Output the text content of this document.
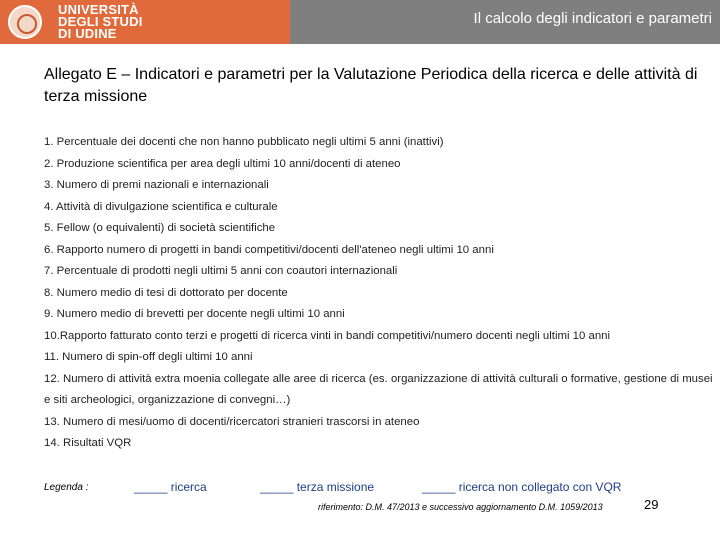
UNIVERSITÀ
DEGLI STUDI
DI UDINE
Il calcolo degli indicatori e parametri
Allegato E – Indicatori e parametri per la Valutazione Periodica della ricerca e delle attività di terza missione
1. Percentuale dei docenti che non hanno pubblicato negli ultimi 5 anni (inattivi)
2. Produzione scientifica per area degli ultimi 10 anni/docenti di ateneo
3. Numero di premi nazionali e internazionali
4. Attività di divulgazione scientifica e culturale
5. Fellow (o equivalenti) di società scientifiche
6. Rapporto numero di progetti in bandi competitivi/docenti dell'ateneo negli ultimi 10 anni
7. Percentuale di prodotti negli ultimi 5 anni con coautori internazionali
8. Numero medio di tesi di dottorato per docente
9. Numero medio di brevetti per docente negli ultimi 10 anni
10.Rapporto fatturato conto terzi e progetti di ricerca vinti in bandi competitivi/numero docenti negli ultimi 10 anni
11. Numero di spin-off degli ultimi 10 anni
12. Numero di attività extra moenia collegate alle aree di ricerca (es. organizzazione di attività culturali o formative, gestione di musei e siti archeologici, organizzazione di convegni…)
13. Numero di mesi/uomo di docenti/ricercatori stranieri trascorsi in ateneo
14. Risultati VQR
Legenda :	_____ ricerca	_____ terza missione	_____ ricerca non collegato con VQR
riferimento: D.M. 47/2013 e successivo aggiornamento D.M. 1059/2013	29
